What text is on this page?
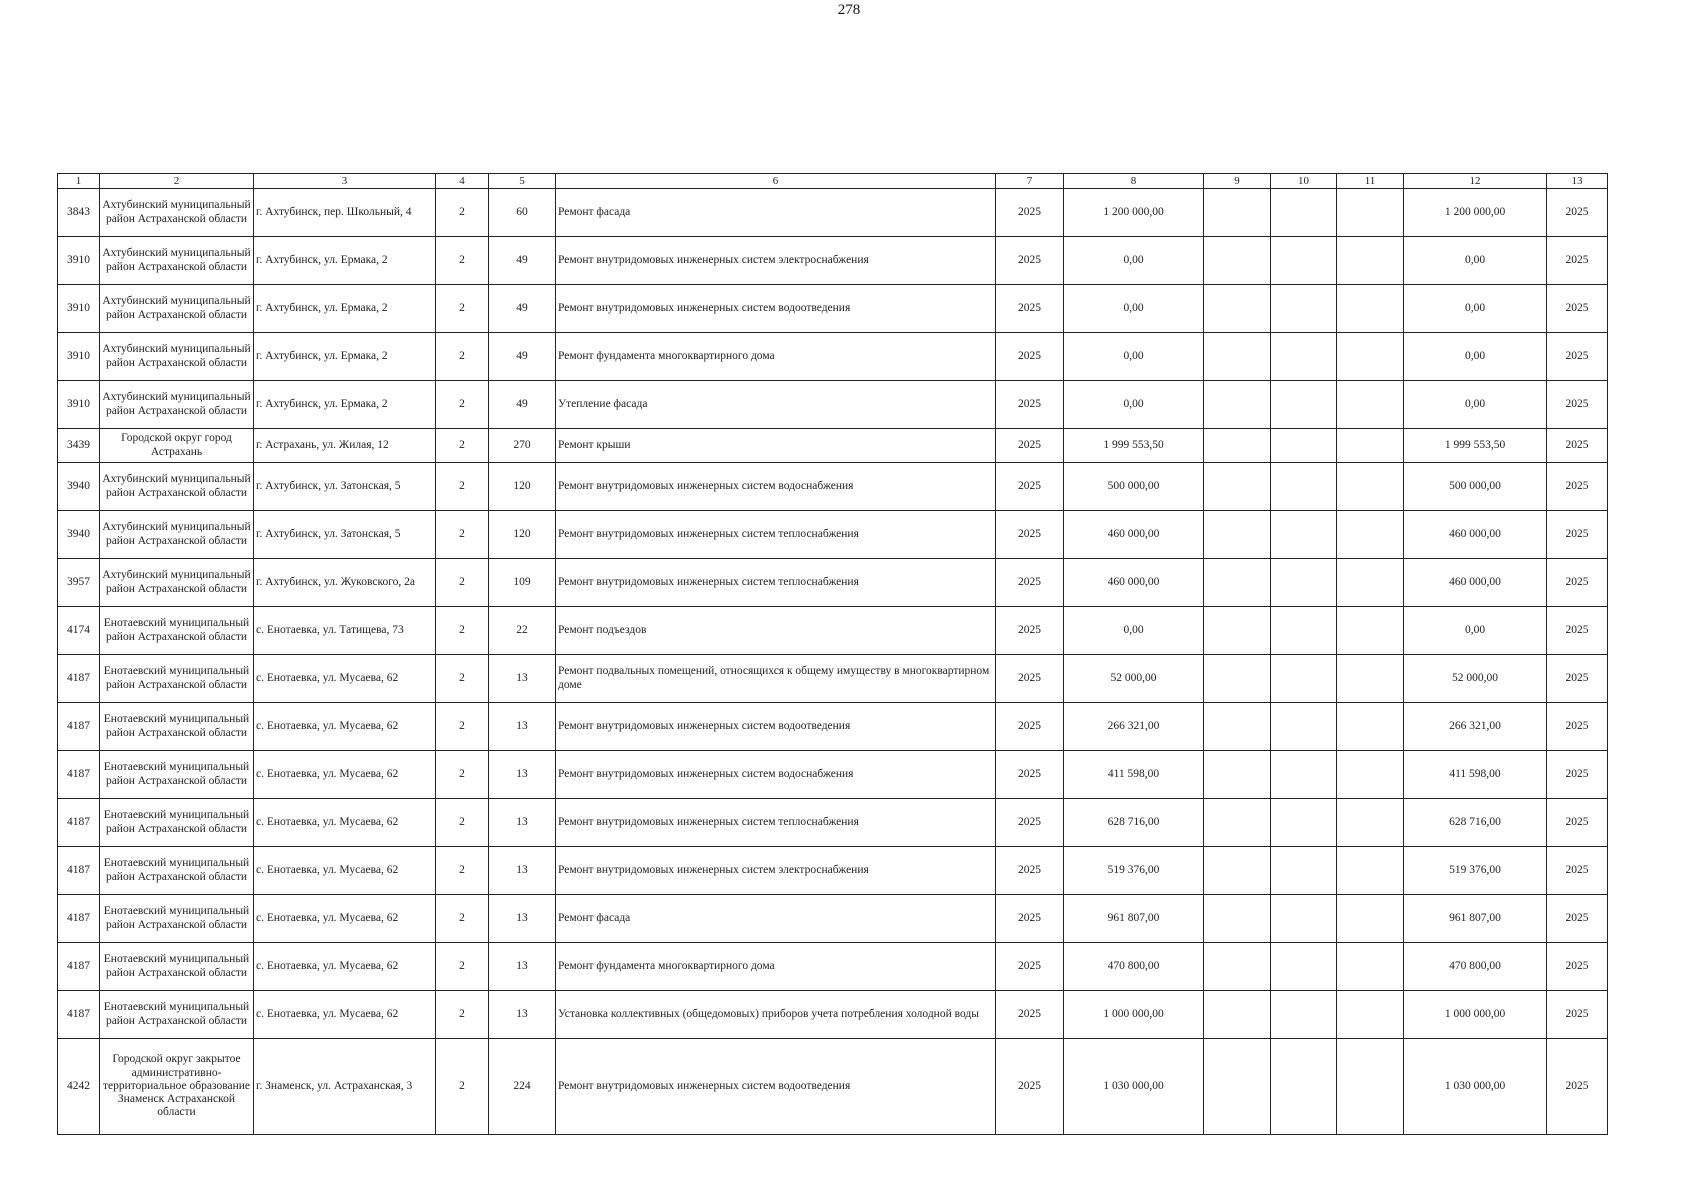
278
1	2	3	4	5	6	7	8	9	10	11	12	13
3843	Ахтубинский муниципальный район Астраханской области	г. Ахтубинск, пер. Школьный, 4	2	60	Ремонт фасада	2025	1 200 000,00				1 200 000,00	2025
3910	Ахтубинский муниципальный район Астраханской области	г. Ахтубинск, ул. Ермака, 2	2	49	Ремонт внутридомовых инженерных систем электроснабжения	2025	0,00				0,00	2025
3910	Ахтубинский муниципальный район Астраханской области	г. Ахтубинск, ул. Ермака, 2	2	49	Ремонт внутридомовых инженерных систем водоотведения	2025	0,00				0,00	2025
3910	Ахтубинский муниципальный район Астраханской области	г. Ахтубинск, ул. Ермака, 2	2	49	Ремонт фундамента многоквартирного дома	2025	0,00				0,00	2025
3910	Ахтубинский муниципальный район Астраханской области	г. Ахтубинск, ул. Ермака, 2	2	49	Утепление фасада	2025	0,00				0,00	2025
3439	Городской округ город Астрахань	г. Астрахань, ул. Жилая, 12	2	270	Ремонт крыши	2025	1 999 553,50				1 999 553,50	2025
3940	Ахтубинский муниципальный район Астраханской области	г. Ахтубинск, ул. Затонская, 5	2	120	Ремонт внутридомовых инженерных систем водоснабжения	2025	500 000,00				500 000,00	2025
3940	Ахтубинский муниципальный район Астраханской области	г. Ахтубинск, ул. Затонская, 5	2	120	Ремонт внутридомовых инженерных систем теплоснабжения	2025	460 000,00				460 000,00	2025
3957	Ахтубинский муниципальный район Астраханской области	г. Ахтубинск, ул. Жуковского, 2а	2	109	Ремонт внутридомовых инженерных систем теплоснабжения	2025	460 000,00				460 000,00	2025
4174	Енотаевский муниципальный район Астраханской области	с. Енотаевка, ул. Татищева, 73	2	22	Ремонт подъездов	2025	0,00				0,00	2025
4187	Енотаевский муниципальный район Астраханской области	с. Енотаевка, ул. Мусаева, 62	2	13	Ремонт подвальных помещений, относящихся к общему имуществу в многоквартирном доме	2025	52 000,00				52 000,00	2025
4187	Енотаевский муниципальный район Астраханской области	с. Енотаевка, ул. Мусаева, 62	2	13	Ремонт внутридомовых инженерных систем водоотведения	2025	266 321,00				266 321,00	2025
4187	Енотаевский муниципальный район Астраханской области	с. Енотаевка, ул. Мусаева, 62	2	13	Ремонт внутридомовых инженерных систем водоснабжения	2025	411 598,00				411 598,00	2025
4187	Енотаевский муниципальный район Астраханской области	с. Енотаевка, ул. Мусаева, 62	2	13	Ремонт внутридомовых инженерных систем теплоснабжения	2025	628 716,00				628 716,00	2025
4187	Енотаевский муниципальный район Астраханской области	с. Енотаевка, ул. Мусаева, 62	2	13	Ремонт внутридомовых инженерных систем электроснабжения	2025	519 376,00				519 376,00	2025
4187	Енотаевский муниципальный район Астраханской области	с. Енотаевка, ул. Мусаева, 62	2	13	Ремонт фасада	2025	961 807,00				961 807,00	2025
4187	Енотаевский муниципальный район Астраханской области	с. Енотаевка, ул. Мусаева, 62	2	13	Ремонт фундамента многоквартирного дома	2025	470 800,00				470 800,00	2025
4187	Енотаевский муниципальный район Астраханской области	с. Енотаевка, ул. Мусаева, 62	2	13	Установка коллективных (общедомовых) приборов учета потребления холодной воды	2025	1 000 000,00				1 000 000,00	2025
4242	Городской округ закрытое административно-территориальное образование Знаменск Астраханской области	г. Знаменск, ул. Астраханская, 3	2	224	Ремонт внутридомовых инженерных систем водоотведения	2025	1 030 000,00				1 030 000,00	2025
